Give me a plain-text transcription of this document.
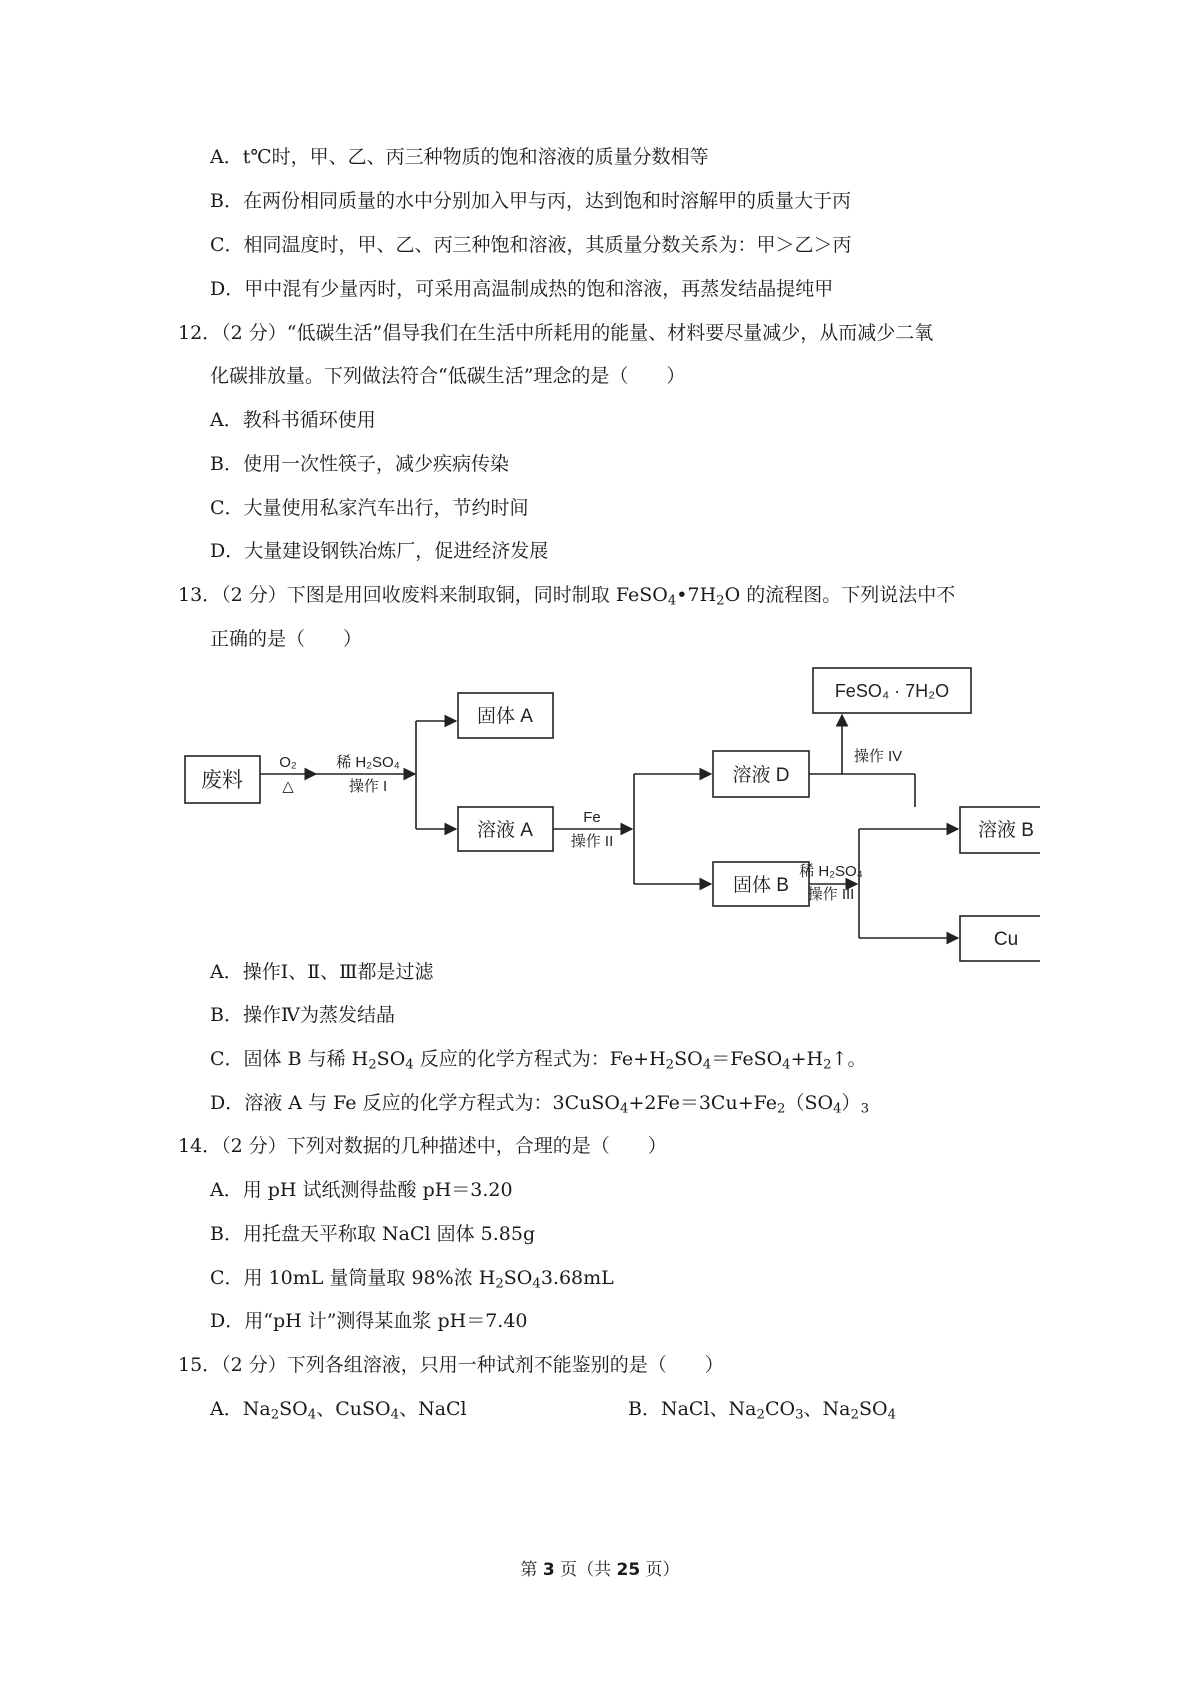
A．t℃时，甲、乙、丙三种物质的饱和溶液的质量分数相等
B．在两份相同质量的水中分别加入甲与丙，达到饱和时溶解甲的质量大于丙
C．相同温度时，甲、乙、丙三种饱和溶液，其质量分数关系为：甲＞乙＞丙
D．甲中混有少量丙时，可采用高温制成热的饱和溶液，再蒸发结晶提纯甲
12．（2 分）“低碳生活”倡导我们在生活中所耗用的能量、材料要尽量减少，从而减少二氧
化碳排放量。下列做法符合“低碳生活”理念的是（　　）
A．教科书循环使用
B．使用一次性筷子，减少疾病传染
C．大量使用私家汽车出行，节约时间
D．大量建设钢铁冶炼厂，促进经济发展
13．（2 分）下图是用回收废料来制取铜，同时制取 $FeSO_4•7H_2O$ 的流程图。下列说法中不
正确的是（　　）
废料
O₂
△
稀 H₂SO₄
操作 I
固体 A
溶液 A
Fe
操作 II
溶液 D
固体 B
稀 H₂SO₄
操作 III
FeSO₄ · 7H₂O
操作 IV
溶液 B
Cu
A．操作Ⅰ、Ⅱ、Ⅲ都是过滤
B．操作Ⅳ为蒸发结晶
C．固体 B 与稀 $H_2SO_4$ 反应的化学方程式为：$Fe+H_2SO_4=FeSO_4+H_2↑$。
D．溶液 A 与 Fe 反应的化学方程式为：$3CuSO_4+2Fe=3Cu+Fe_2(SO_4)_3$
14．（2 分）下列对数据的几种描述中，合理的是（　　）
A．用 pH 试纸测得盐酸 pH＝3.20
B．用托盘天平称取 NaCl 固体 5.85g
C．用 10mL 量筒量取 98%浓 $H_2SO_43.68mL$
D．用“pH 计”测得某血浆 pH＝7.40
15．（2 分）下列各组溶液，只用一种试剂不能鉴别的是（　　）
A．$Na_2SO_4$、CuSO$_4$、NaCl	B．NaCl、$Na_2CO_3$、$Na_2SO_4$
第 3 页（共 25 页）
